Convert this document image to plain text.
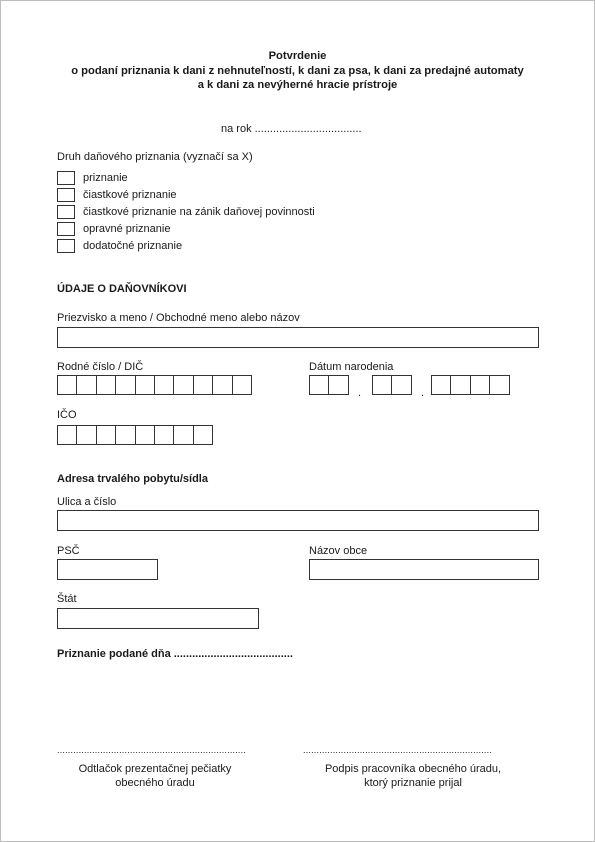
Potvrdenie
o podaní priznania k dani z nehnuteľností, k dani za psa, k dani za predajné automaty
a k dani za nevýherné hracie prístroje
na rok ...................................
Druh daňového priznania (vyznačí sa X)
priznanie
čiastkové priznanie
čiastkové priznanie na zánik daňovej povinnosti
opravné priznanie
dodatočné priznanie
ÚDAJE O DAŇOVNÍKOVI
Priezvisko a meno / Obchodné meno alebo názov
Rodné číslo / DIČ	Dátum narodenia
.	.
IČO
Adresa trvalého pobytu/sídla
Ulica a číslo
PSČ	Názov obce
Štát
Priznanie podané dňa .......................................
......................................................................
Odtlačok prezentačnej pečiatky
obecného úradu
......................................................................
Podpis pracovníka obecného úradu,
ktorý priznanie prijal
